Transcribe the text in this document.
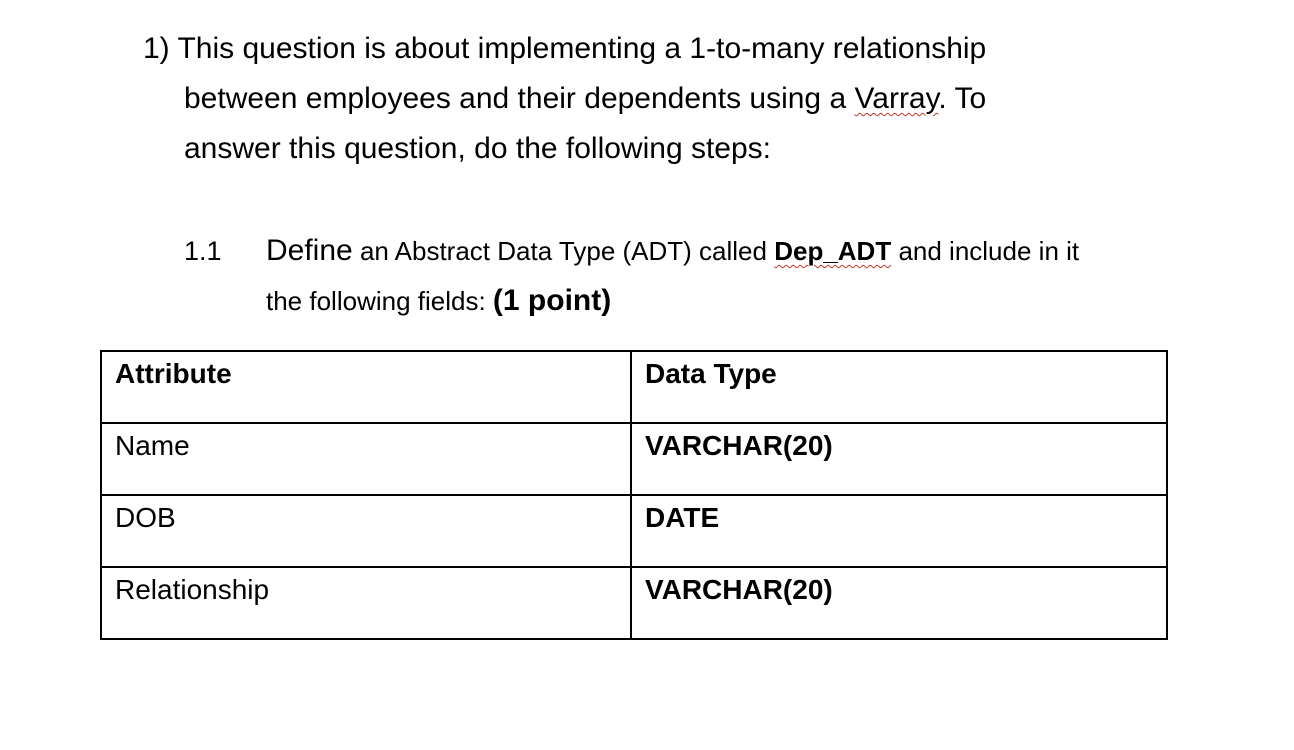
1) This question is about implementing a 1-to-many relationship
between employees and their dependents using a Varray. To
answer this question, do the following steps:
1.1 Define an Abstract Data Type (ADT) called Dep_ADT and include in it
the following fields: (1 point)
Attribute	Data Type
Name	VARCHAR(20)
DOB	DATE
Relationship	VARCHAR(20)
